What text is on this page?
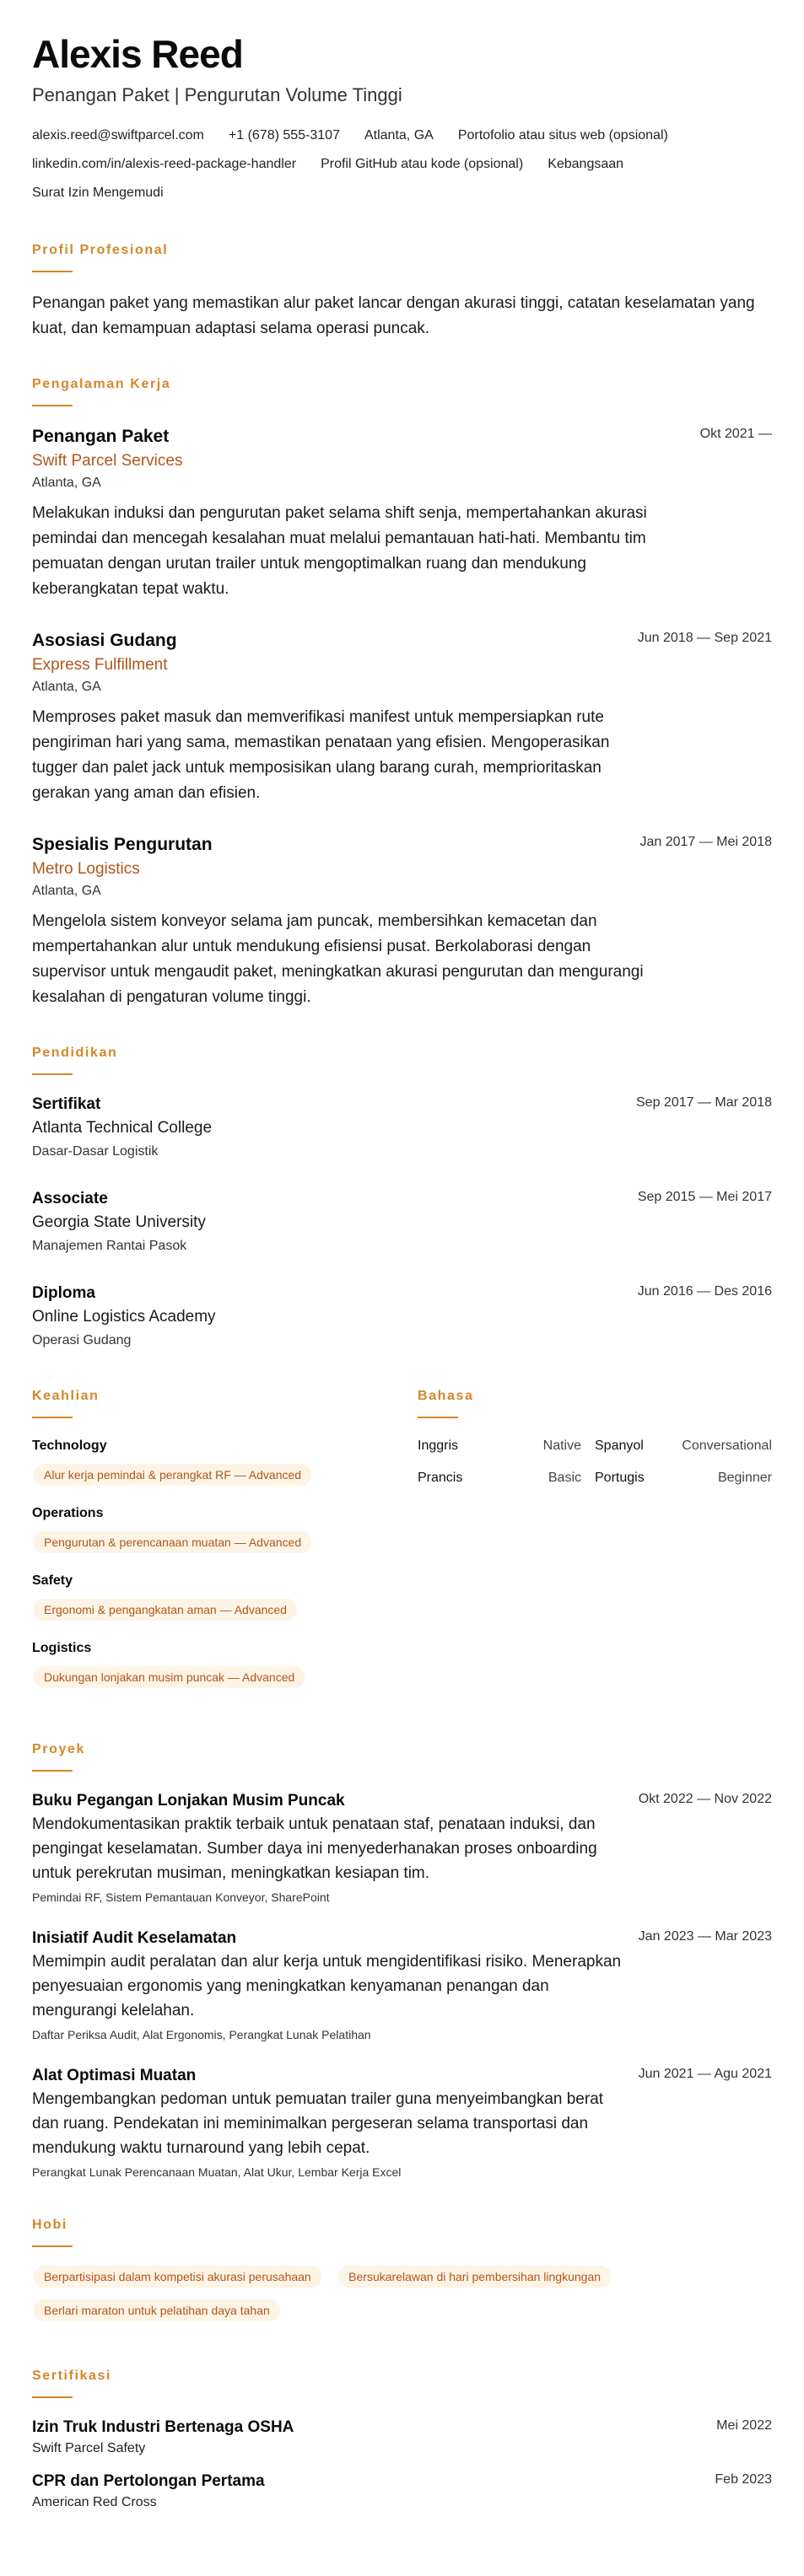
Alexis Reed
Penangan Paket | Pengurutan Volume Tinggi
alexis.reed@swiftparcel.com +1 (678) 555-3107 Atlanta, GA Portofolio atau situs web (opsional)
linkedin.com/in/alexis-reed-package-handler Profil GitHub atau kode (opsional) Kebangsaan
Surat Izin Mengemudi
Profil Profesional

Penangan paket yang memastikan alur paket lancar dengan akurasi tinggi, catatan keselamatan yang kuat, dan kemampuan adaptasi selama operasi puncak.

Pengalaman Kerja
Okt 2021 —
Penangan Paket
Swift Parcel Services
Atlanta, GA

Melakukan induksi dan pengurutan paket selama shift senja, mempertahankan akurasi pemindai dan mencegah kesalahan muat melalui pemantauan hati-hati. Membantu tim pemuatan dengan urutan trailer untuk mengoptimalkan ruang dan mendukung keberangkatan tepat waktu.

Jun 2018 — Sep 2021
Asosiasi Gudang
Express Fulfillment
Atlanta, GA

Memproses paket masuk dan memverifikasi manifest untuk mempersiapkan rute pengiriman hari yang sama, memastikan penataan yang efisien. Mengoperasikan tugger dan palet jack untuk memposisikan ulang barang curah, memprioritaskan gerakan yang aman dan efisien.

Jan 2017 — Mei 2018
Spesialis Pengurutan
Metro Logistics
Atlanta, GA

Mengelola sistem konveyor selama jam puncak, membersihkan kemacetan dan mempertahankan alur untuk mendukung efisiensi pusat. Berkolaborasi dengan supervisor untuk mengaudit paket, meningkatkan akurasi pengurutan dan mengurangi kesalahan di pengaturan volume tinggi.

Pendidikan
Sep 2017 — Mar 2018
Sertifikat
Atlanta Technical College
Dasar-Dasar Logistik
Sep 2015 — Mei 2017
Associate
Georgia State University
Manajemen Rantai Pasok
Jun 2016 — Des 2016
Diploma
Online Logistics Academy
Operasi Gudang
Keahlian
Technology
Alur kerja pemindai & perangkat RF — Advanced
Operations
Pengurutan & perencanaan muatan — Advanced
Safety
Ergonomi & pengangkatan aman — Advanced
Logistics
Dukungan lonjakan musim puncak — Advanced
Bahasa
Inggris	Native Spanyol	Conversational
Prancis	Basic Portugis	Beginner
Proyek
Okt 2022 — Nov 2022
Buku Pegangan Lonjakan Musim Puncak

Mendokumentasikan praktik terbaik untuk penataan staf, penataan induksi, dan pengingat keselamatan. Sumber daya ini menyederhanakan proses onboarding untuk perekrutan musiman, meningkatkan kesiapan tim.

Pemindai RF, Sistem Pemantauan Konveyor, SharePoint
Jan 2023 — Mar 2023
Inisiatif Audit Keselamatan

Memimpin audit peralatan dan alur kerja untuk mengidentifikasi risiko. Menerapkan penyesuaian ergonomis yang meningkatkan kenyamanan penangan dan mengurangi kelelahan.

Daftar Periksa Audit, Alat Ergonomis, Perangkat Lunak Pelatihan
Jun 2021 — Agu 2021
Alat Optimasi Muatan

Mengembangkan pedoman untuk pemuatan trailer guna menyeimbangkan berat dan ruang. Pendekatan ini meminimalkan pergeseran selama transportasi dan mendukung waktu turnaround yang lebih cepat.

Perangkat Lunak Perencanaan Muatan, Alat Ukur, Lembar Kerja Excel
Hobi
Berpartisipasi dalam kompetisi akurasi perusahaan	Bersukarelawan di hari pembersihan lingkungan Berlari maraton untuk pelatihan daya tahan
Sertifikasi
Mei 2022
Izin Truk Industri Bertenaga OSHA
Swift Parcel Safety
Feb 2023
CPR dan Pertolongan Pertama
American Red Cross
